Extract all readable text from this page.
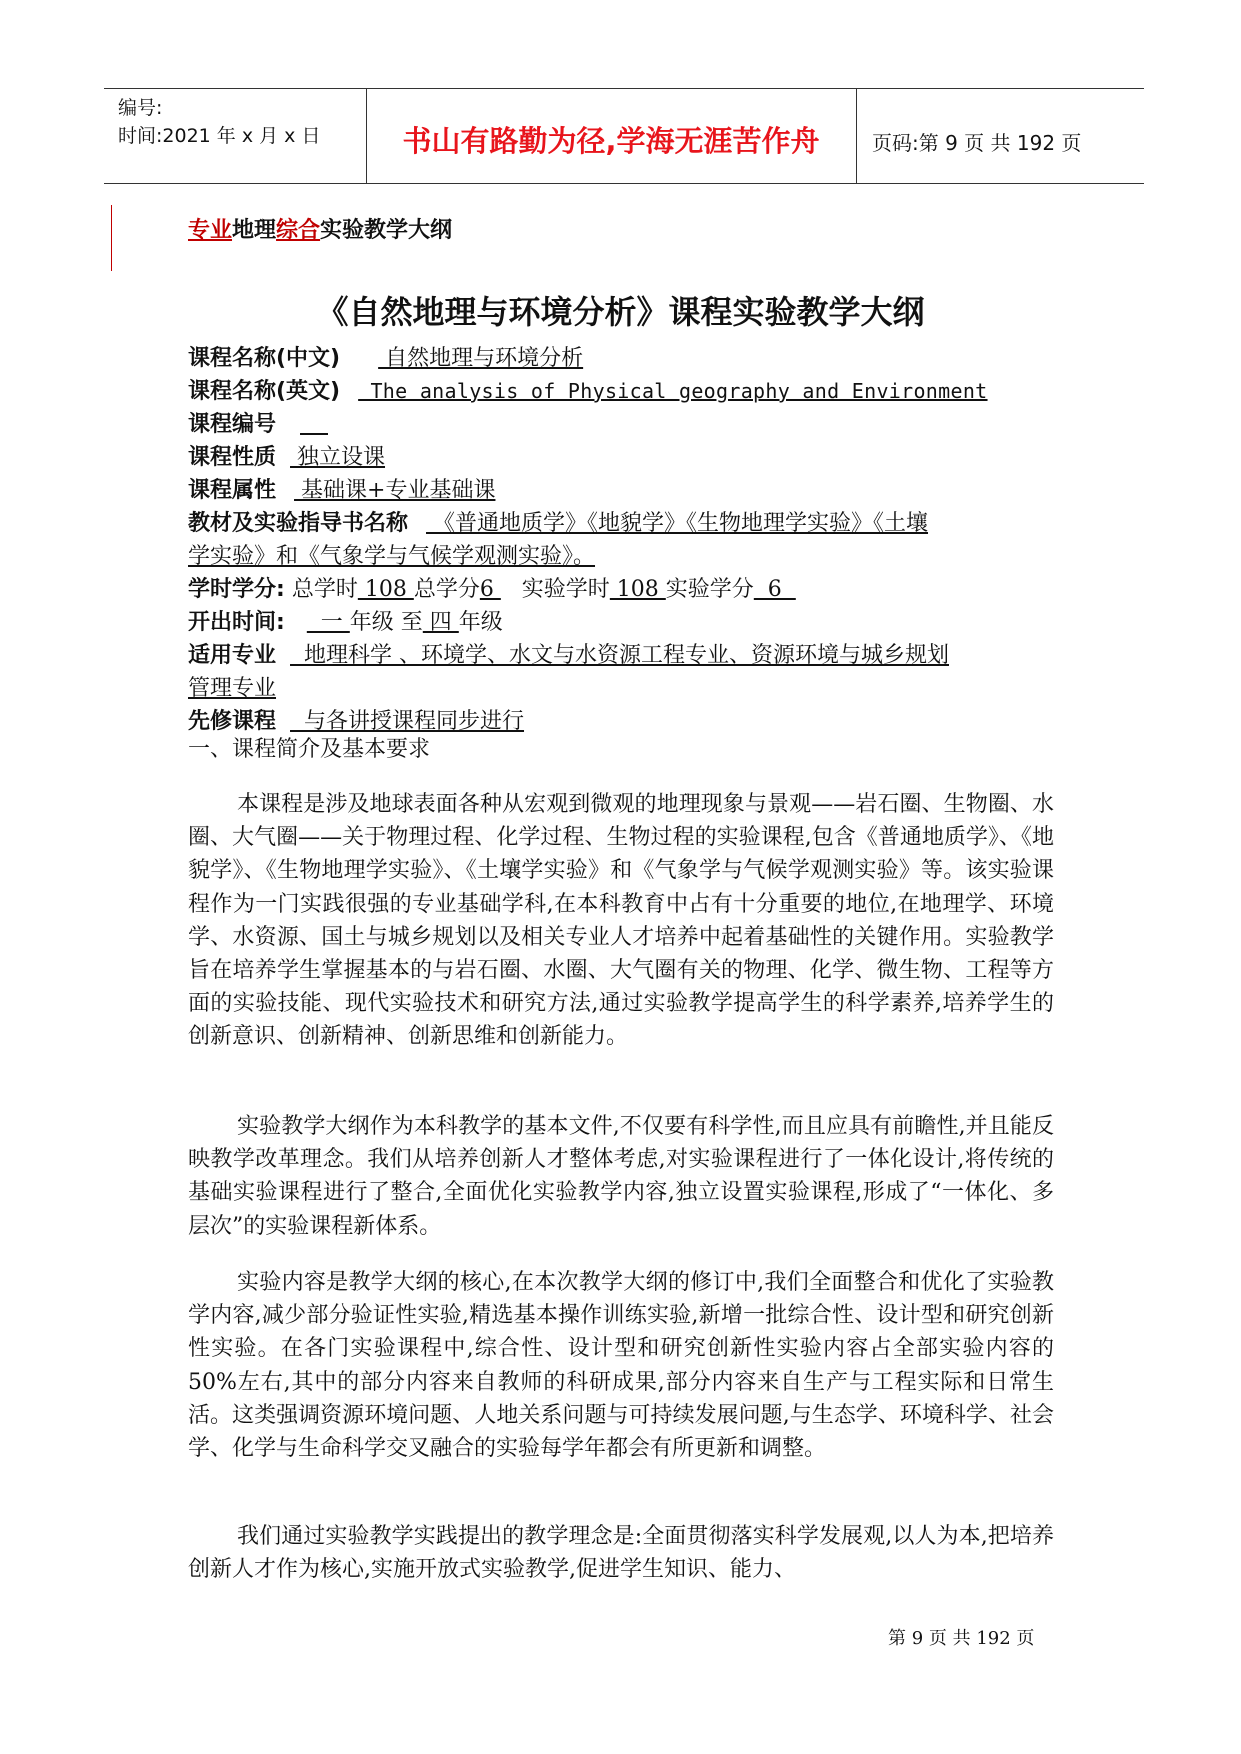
编号:
时间:2021 年 x 月 x 日	书山有路勤为径,学海无涯苦作舟	页码:第 9 页 共 192 页
专业地理综合实验教学大纲
《自然地理与环境分析》课程实验教学大纲
课程名称(中文) 自然地理与环境分析
课程名称(英文) The analysis of Physical geography and Environment
课程编号
课程性质 独立设课
课程属性 基础课+专业基础课
教材及实验指导书名称 《普通地质学》《地貌学》《生物地理学实验》《土壤
学实验》和《气象学与气候学观测实验》。
学时学分: 总学时 108 总学分6    实验学时 108 实验学分  6
开出时间:  一 年级 至 四 年级
适用专业  地理科学 、环境学、水文与水资源工程专业、资源环境与城乡规划
管理专业
先修课程  与各讲授课程同步进行
一、课程简介及基本要求

本课程是涉及地球表面各种从宏观到微观的地理现象与景观——岩石圈、生物圈、水圈、大气圈——关于物理过程、化学过程、生物过程的实验课程,包含《普通地质学》、《地貌学》、《生物地理学实验》、《土壤学实验》和《气象学与气候学观测实验》等。该实验课程作为一门实践很强的专业基础学科,在本科教育中占有十分重要的地位,在地理学、环境学、水资源、国土与城乡规划以及相关专业人才培养中起着基础性的关键作用。实验教学旨在培养学生掌握基本的与岩石圈、水圈、大气圈有关的物理、化学、微生物、工程等方面的实验技能、现代实验技术和研究方法,通过实验教学提高学生的科学素养,培养学生的创新意识、创新精神、创新思维和创新能力。

实验教学大纲作为本科教学的基本文件,不仅要有科学性,而且应具有前瞻性,并且能反映教学改革理念。我们从培养创新人才整体考虑,对实验课程进行了一体化设计,将传统的基础实验课程进行了整合,全面优化实验教学内容,独立设置实验课程,形成了“一体化、多层次”的实验课程新体系。

实验内容是教学大纲的核心,在本次教学大纲的修订中,我们全面整合和优化了实验教学内容,减少部分验证性实验,精选基本操作训练实验,新增一批综合性、设计型和研究创新性实验。在各门实验课程中,综合性、设计型和研究创新性实验内容占全部实验内容的50%左右,其中的部分内容来自教师的科研成果,部分内容来自生产与工程实际和日常生活。这类强调资源环境问题、人地关系问题与可持续发展问题,与生态学、环境科学、社会学、化学与生命科学交叉融合的实验每学年都会有所更新和调整。

我们通过实验教学实践提出的教学理念是:全面贯彻落实科学发展观,以人为本,把培养创新人才作为核心,实施开放式实验教学,促进学生知识、能力、

第 9 页 共 192 页
